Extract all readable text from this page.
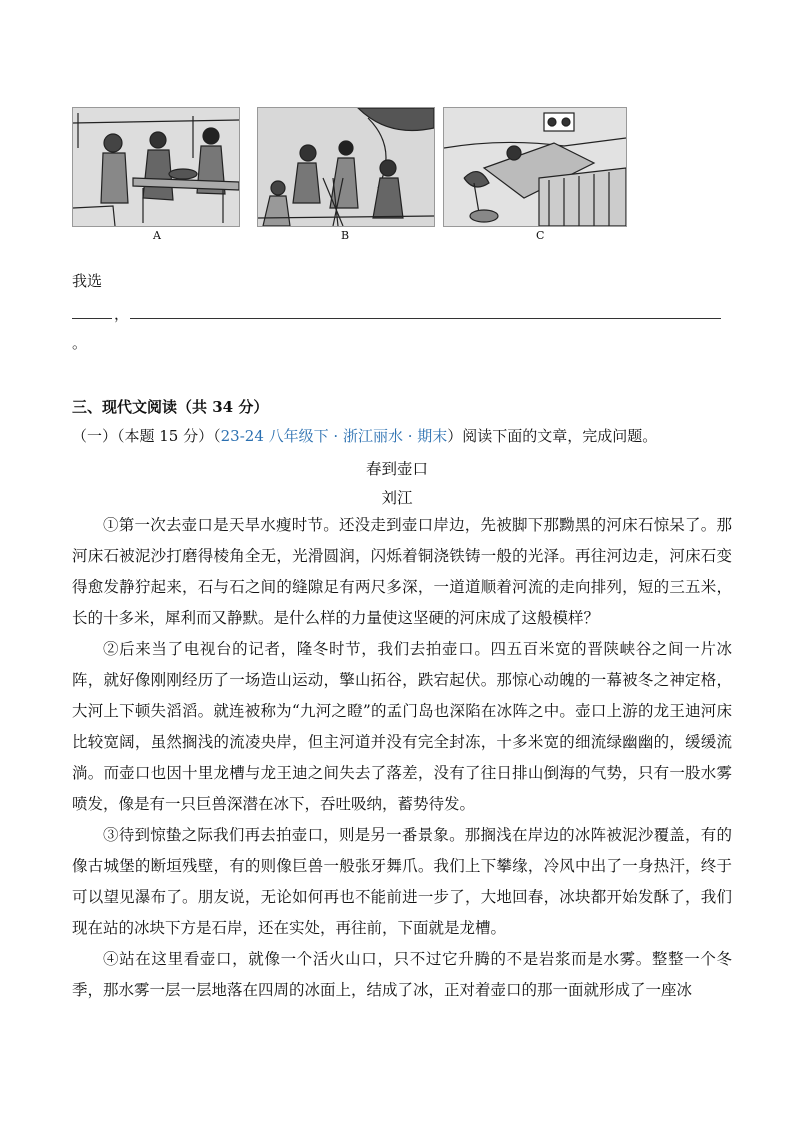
A	B	C
我选
，
。
三、现代文阅读（共 34 分）
（一）（本题 15 分）（23-24 八年级下 · 浙江丽水 · 期末）阅读下面的文章，完成问题。
春到壶口
刘江

①第一次去壶口是天旱水瘦时节。还没走到壶口岸边，先被脚下那黝黑的河床石惊呆了。那河床石被泥沙打磨得棱角全无，光滑圆润，闪烁着铜浇铁铸一般的光泽。再往河边走，河床石变得愈发静狞起来，石与石之间的缝隙足有两尺多深，一道道顺着河流的走向排列，短的三五米，长的十多米，犀利而又静默。是什么样的力量使这坚硬的河床成了这般模样？

②后来当了电视台的记者，隆冬时节，我们去拍壶口。四五百米宽的晋陕峡谷之间一片冰阵，就好像刚刚经历了一场造山运动，擎山拓谷，跌宕起伏。那惊心动魄的一幕被冬之神定格，大河上下顿失滔滔。就连被称为“九河之瞪”的孟门岛也深陷在冰阵之中。壶口上游的龙王迪河床比较宽阔，虽然搁浅的流凌央岸，但主河道并没有完全封冻，十多米宽的细流绿幽幽的，缓缓流淌。而壶口也因十里龙槽与龙王迪之间失去了落差，没有了往日排山倒海的气势，只有一股水雾喷发，像是有一只巨兽深潜在冰下，吞吐吸纳，蓄势待发。

③待到惊蛰之际我们再去拍壶口，则是另一番景象。那搁浅在岸边的冰阵被泥沙覆盖，有的像古城堡的断垣残壁，有的则像巨兽一般张牙舞爪。我们上下攀缘，冷风中出了一身热汗，终于可以望见瀑布了。朋友说，无论如何再也不能前进一步了，大地回春，冰块都开始发酥了，我们现在站的冰块下方是石岸，还在实处，再往前，下面就是龙槽。

④站在这里看壶口，就像一个活火山口，只不过它升腾的不是岩浆而是水雾。整整一个冬季，那水雾一层一层地落在四周的冰面上，结成了冰，正对着壶口的那一面就形成了一座冰
